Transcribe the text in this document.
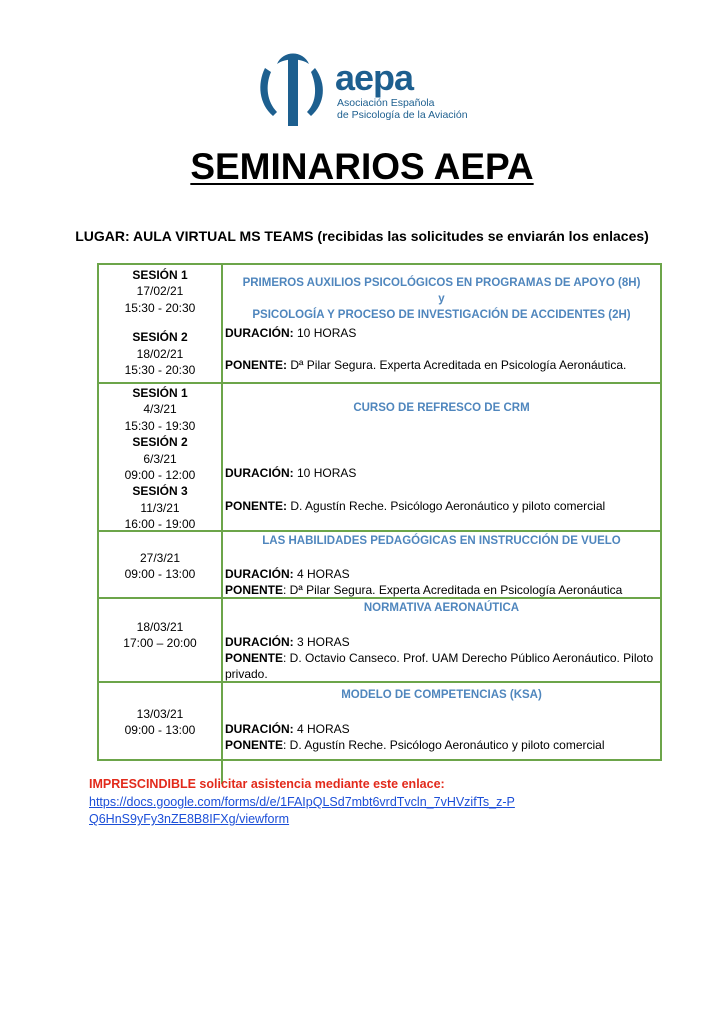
aepa
Asociación Española
de Psicología de la Aviación
SEMINARIOS AEPA
LUGAR: AULA VIRTUAL MS TEAMS (recibidas las solicitudes se enviarán los enlaces)
SESIÓN 1
17/02/21
15:30 - 20:30
SESIÓN 2
18/02/21
15:30 - 20:30
PRIMEROS AUXILIOS PSICOLÓGICOS EN PROGRAMAS DE APOYO (8H)
y
PSICOLOGÍA Y PROCESO DE INVESTIGACIÓN DE ACCIDENTES (2H)
DURACIÓN: 10 HORAS
PONENTE: Dª Pilar Segura. Experta Acreditada en Psicología Aeronáutica.
SESIÓN 1
4/3/21
15:30 - 19:30
SESIÓN 2
6/3/21
09:00 - 12:00
SESIÓN 3
11/3/21
16:00 - 19:00
CURSO DE REFRESCO DE CRM
DURACIÓN: 10 HORAS
PONENTE: D. Agustín Reche. Psicólogo Aeronáutico y piloto comercial
27/3/21
09:00 - 13:00
LAS HABILIDADES PEDAGÓGICAS EN INSTRUCCIÓN DE VUELO
DURACIÓN: 4 HORAS
PONENTE: Dª Pilar Segura. Experta Acreditada en Psicología Aeronáutica
18/03/21
17:00 – 20:00
NORMATIVA AERONAÚTICA
DURACIÓN: 3 HORAS
PONENTE: D. Octavio Canseco. Prof. UAM Derecho Público Aeronáutico. Piloto
privado.
13/03/21
09:00 - 13:00
MODELO DE COMPETENCIAS (KSA)
DURACIÓN: 4 HORAS
PONENTE: D. Agustín Reche. Psicólogo Aeronáutico y piloto comercial
IMPRESCINDIBLE solicitar asistencia mediante este enlace:
https://docs.google.com/forms/d/e/1FAIpQLSd7mbt6vrdTvcln_7vHVzifTs_z-PQ6HnS9yFy3nZE8B8IFXg/viewform
